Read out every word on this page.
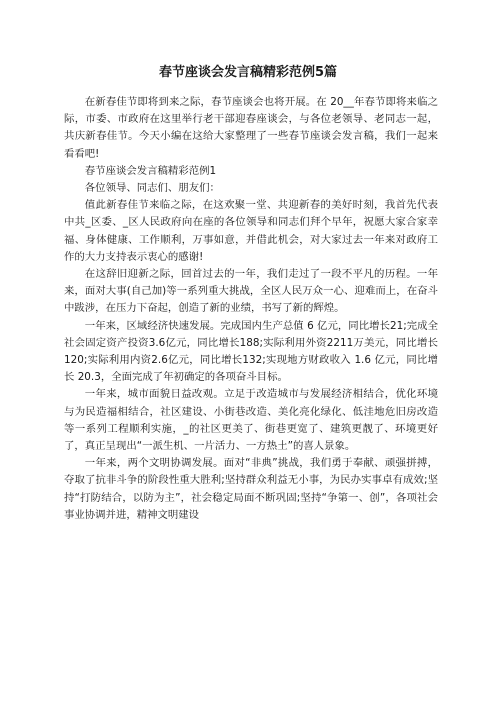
春节座谈会发言稿精彩范例5篇

在新春佳节即将到来之际，春节座谈会也将开展。在 20__年春节即将来临之际，市委、市政府在这里举行老干部迎春座谈会，与各位老领导、老同志一起，共庆新春佳节。今天小编在这给大家整理了一些春节座谈会发言稿，我们一起来看看吧!

春节座谈会发言稿精彩范例1

各位领导、同志们、朋友们：

值此新春佳节来临之际，在这欢聚一堂、共迎新春的美好时刻，我首先代表中共_区委、_区人民政府向在座的各位领导和同志们拜个早年，祝愿大家合家幸福、身体健康、工作顺利，万事如意，并借此机会，对大家过去一年来对政府工作的大力支持表示衷心的感谢!

在这辞旧迎新之际，回首过去的一年，我们走过了一段不平凡的历程。一年来，面对大事(自己加)等一系列重大挑战，全区人民万众一心、迎难而上，在奋斗中跋涉，在压力下奋起，创造了新的业绩，书写了新的辉煌。

一年来，区域经济快速发展。完成国内生产总值 6 亿元，同比增长21;完成全社会固定资产投资3.6亿元，同比增长188;实际利用外资2211万美元，同比增长120;实际利用内资2.6亿元，同比增长132;实现地方财政收入 1.6 亿元，同比增长 20.3，全面完成了年初确定的各项奋斗目标。

一年来，城市面貌日益改观。立足于改造城市与发展经济相结合，优化环境与为民造福相结合，社区建设、小街巷改造、美化亮化绿化、低洼地危旧房改造等一系列工程顺利实施，_的社区更美了、街巷更宽了、建筑更靓了、环境更好了，真正呈现出“一派生机、一片活力、一方热土”的喜人景象。

一年来，两个文明协调发展。面对“非典”挑战，我们勇于奉献、顽强拼搏，夺取了抗非斗争的阶段性重大胜利;坚持群众利益无小事，为民办实事卓有成效;坚持“打防结合，以防为主”，社会稳定局面不断巩固;坚持“争第一、创”，各项社会事业协调并进，精神文明建设
